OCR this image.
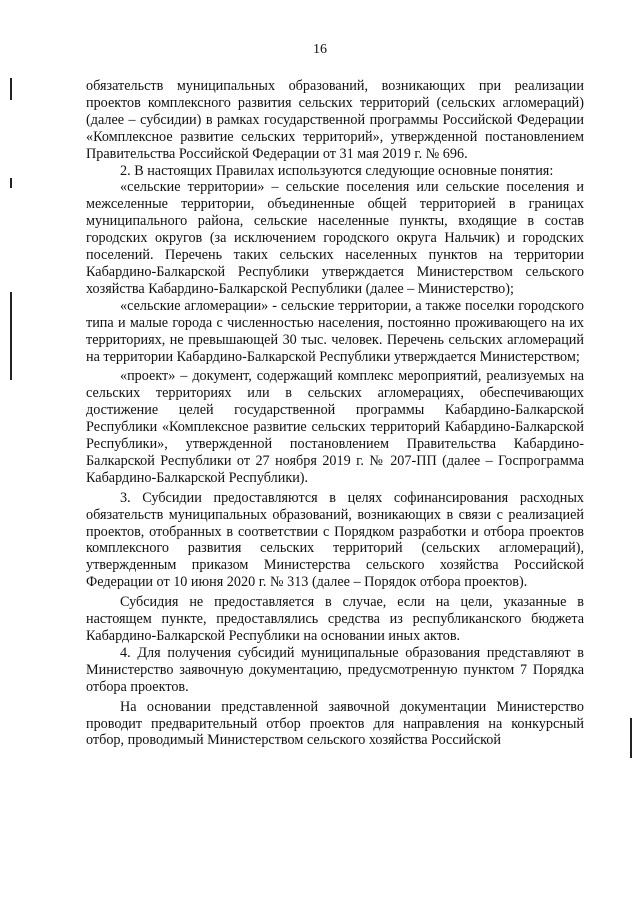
16

обязательств муниципальных образований, возникающих при реализации проектов комплексного развития сельских территорий (сельских агломераций) (далее – субсидии) в рамках государственной программы Российской Федерации «Комплексное развитие сельских территорий», утвержденной постановлением Правительства Российской Федерации от 31 мая 2019 г. № 696.

2. В настоящих Правилах используются следующие основные понятия:

«сельские территории» – сельские поселения или сельские поселения и межселенные территории, объединенные общей территорией в границах муниципального района, сельские населенные пункты, входящие в состав городских округов (за исключением городского округа Нальчик) и городских поселений. Перечень таких сельских населенных пунктов на территории Кабардино-Балкарской Республики утверждается Министерством сельского хозяйства Кабардино-Балкарской Республики (далее – Министерство);

«сельские агломерации» - сельские территории, а также поселки городского типа и малые города с численностью населения, постоянно проживающего на их территориях, не превышающей 30 тыс. человек. Перечень сельских агломераций на территории Кабардино-Балкарской Республики утверждается Министерством;

«проект» – документ, содержащий комплекс мероприятий, реализуемых на сельских территориях или в сельских агломерациях, обеспечивающих достижение целей государственной программы Кабардино-Балкарской Республики «Комплексное развитие сельских территорий Кабардино-Балкарской Республики», утвержденной постановлением Правительства Кабардино-Балкарской Республики от 27 ноября 2019 г. № 207-ПП (далее – Госпрограмма Кабардино-Балкарской Республики).

3. Субсидии предоставляются в целях софинансирования расходных обязательств муниципальных образований, возникающих в связи с реализацией проектов, отобранных в соответствии с Порядком разработки и отбора проектов комплексного развития сельских территорий (сельских агломераций), утвержденным приказом Министерства сельского хозяйства Российской Федерации от 10 июня 2020 г. № 313 (далее – Порядок отбора проектов).

Субсидия не предоставляется в случае, если на цели, указанные в настоящем пункте, предоставлялись средства из республиканского бюджета Кабардино-Балкарской Республики на основании иных актов.

4. Для получения субсидий муниципальные образования представляют в Министерство заявочную документацию, предусмотренную пунктом 7 Порядка отбора проектов.

На основании представленной заявочной документации Министерство проводит предварительный отбор проектов для направления на конкурсный отбор, проводимый Министерством сельского хозяйства Российской
